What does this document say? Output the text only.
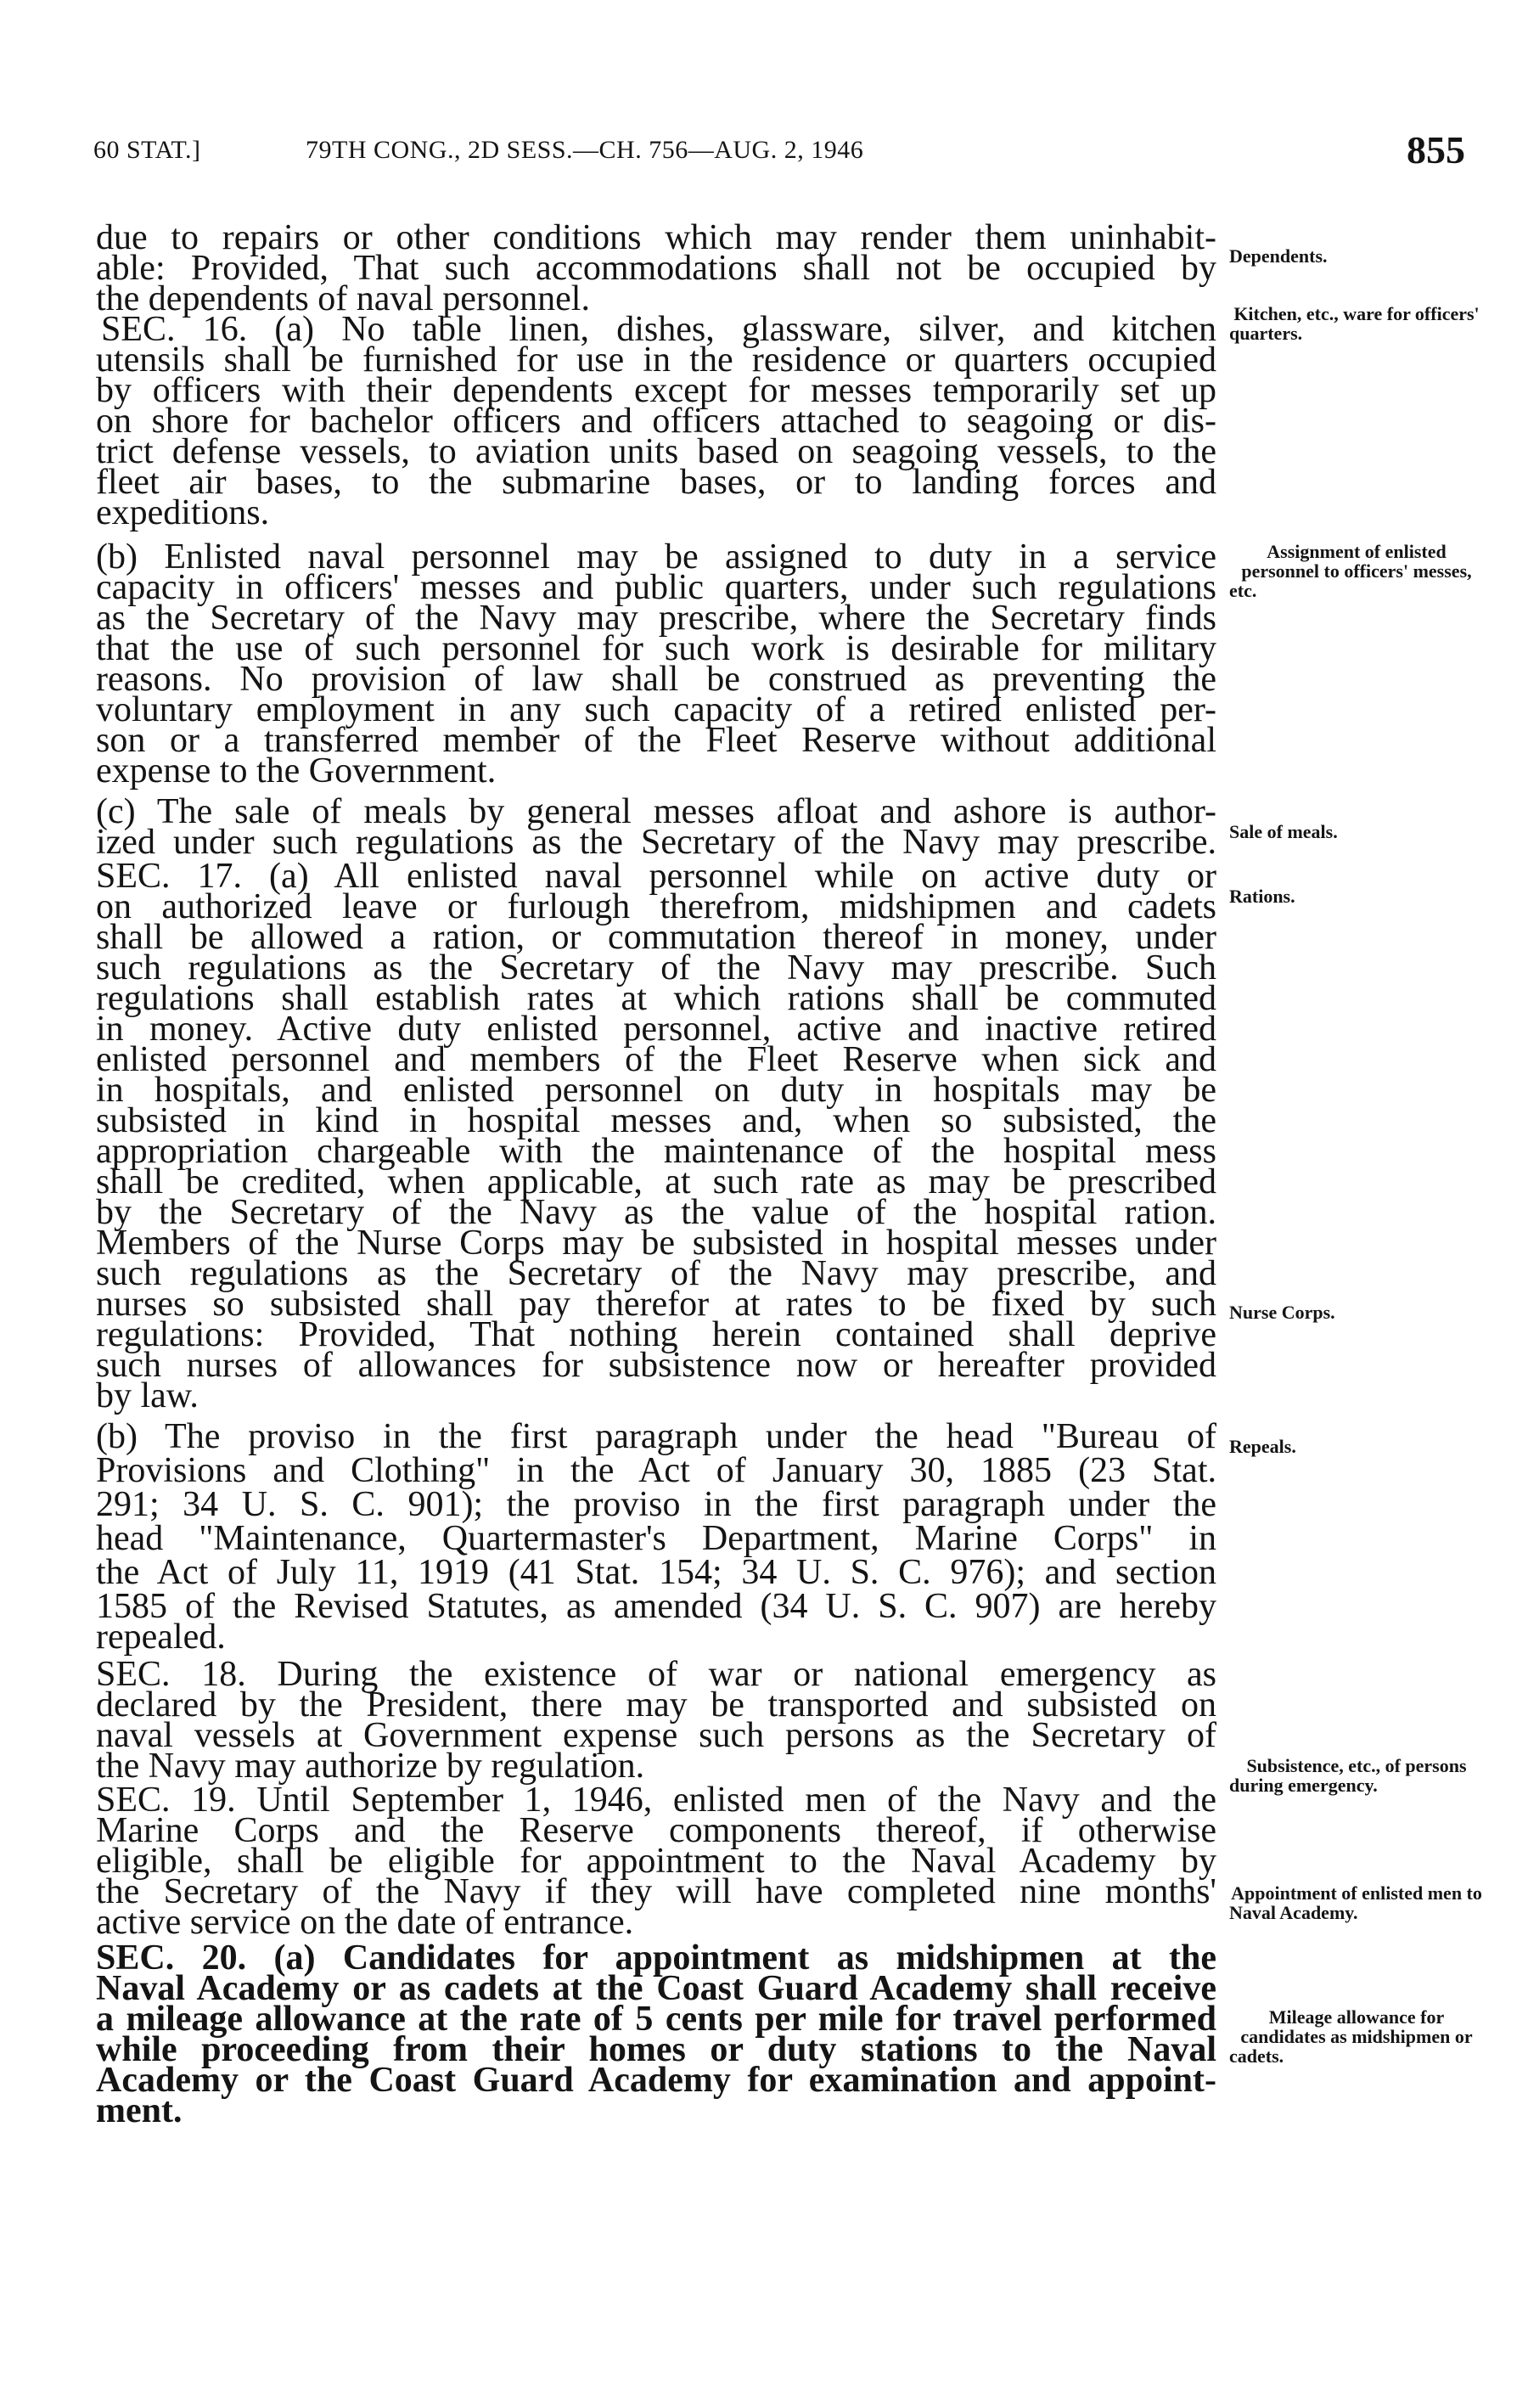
60 STAT.]	79TH CONG., 2D SESS.—CH. 756—AUG. 2, 1946	855
due to repairs or other conditions which may render them uninhabit-
able: Provided, That such accommodations shall not be occupied by
the dependents of naval personnel.
SEC. 16. (a) No table linen, dishes, glassware, silver, and kitchen
utensils shall be furnished for use in the residence or quarters occupied
by officers with their dependents except for messes temporarily set up
on shore for bachelor officers and officers attached to seagoing or dis-
trict defense vessels, to aviation units based on seagoing vessels, to the
fleet air bases, to the submarine bases, or to landing forces and
expeditions.
(b) Enlisted naval personnel may be assigned to duty in a service
capacity in officers' messes and public quarters, under such regulations
as the Secretary of the Navy may prescribe, where the Secretary finds
that the use of such personnel for such work is desirable for military
reasons. No provision of law shall be construed as preventing the
voluntary employment in any such capacity of a retired enlisted per-
son or a transferred member of the Fleet Reserve without additional
expense to the Government.
(c) The sale of meals by general messes afloat and ashore is author-
ized under such regulations as the Secretary of the Navy may prescribe.
SEC. 17. (a) All enlisted naval personnel while on active duty or
on authorized leave or furlough therefrom, midshipmen and cadets
shall be allowed a ration, or commutation thereof in money, under
such regulations as the Secretary of the Navy may prescribe. Such
regulations shall establish rates at which rations shall be commuted
in money. Active duty enlisted personnel, active and inactive retired
enlisted personnel and members of the Fleet Reserve when sick and
in hospitals, and enlisted personnel on duty in hospitals may be
subsisted in kind in hospital messes and, when so subsisted, the
appropriation chargeable with the maintenance of the hospital mess
shall be credited, when applicable, at such rate as may be prescribed
by the Secretary of the Navy as the value of the hospital ration.
Members of the Nurse Corps may be subsisted in hospital messes under
such regulations as the Secretary of the Navy may prescribe, and
nurses so subsisted shall pay therefor at rates to be fixed by such
regulations: Provided, That nothing herein contained shall deprive
such nurses of allowances for subsistence now or hereafter provided
by law.
(b) The proviso in the first paragraph under the head "Bureau of
Provisions and Clothing" in the Act of January 30, 1885 (23 Stat.
291; 34 U. S. C. 901); the proviso in the first paragraph under the
head "Maintenance, Quartermaster's Department, Marine Corps" in
the Act of July 11, 1919 (41 Stat. 154; 34 U. S. C. 976); and section
1585 of the Revised Statutes, as amended (34 U. S. C. 907) are hereby
repealed.
SEC. 18. During the existence of war or national emergency as
declared by the President, there may be transported and subsisted on
naval vessels at Government expense such persons as the Secretary of
the Navy may authorize by regulation.
SEC. 19. Until September 1, 1946, enlisted men of the Navy and the
Marine Corps and the Reserve components thereof, if otherwise
eligible, shall be eligible for appointment to the Naval Academy by
the Secretary of the Navy if they will have completed nine months'
active service on the date of entrance.
SEC. 20. (a) Candidates for appointment as midshipmen at the
Naval Academy or as cadets at the Coast Guard Academy shall receive
a mileage allowance at the rate of 5 cents per mile for travel performed
while proceeding from their homes or duty stations to the Naval
Academy or the Coast Guard Academy for examination and appoint-
ment.
Dependents.
Kitchen, etc., ware for officers' quarters.
Assignment of enlisted personnel to officers' messes, etc.
Sale of meals.
Rations.
Nurse Corps.
Repeals.
Subsistence, etc., of persons during emergency.
Appointment of enlisted men to Naval Academy.
Mileage allowance for candidates as midshipmen or cadets.
